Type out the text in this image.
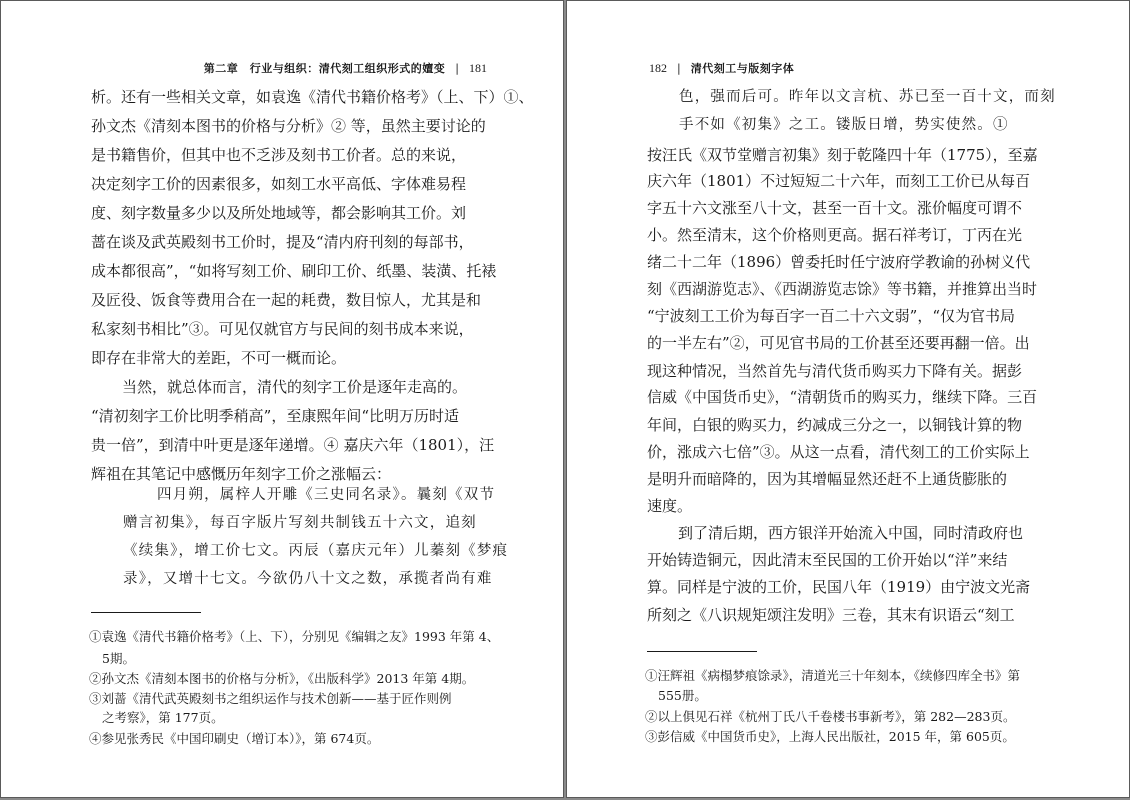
第二章　行业与组织：清代刻工组织形式的嬗变 | 181
析。还有一些相关文章，如袁逸《清代书籍价格考》（上、下）①、
孙文杰《清刻本图书的价格与分析》② 等，虽然主要讨论的
是书籍售价，但其中也不乏涉及刻书工价者。总的来说，
决定刻字工价的因素很多，如刻工水平高低、字体难易程
度、刻字数量多少以及所处地域等，都会影响其工价。刘
蔷在谈及武英殿刻书工价时，提及“清内府刊刻的每部书，
成本都很高”，“如将写刻工价、刷印工价、纸墨、装潢、托裱
及匠役、饭食等费用合在一起的耗费，数目惊人，尤其是和
私家刻书相比”③。可见仅就官方与民间的刻书成本来说，
即存在非常大的差距，不可一概而论。
当然，就总体而言，清代的刻字工价是逐年走高的。
“清初刻字工价比明季稍高”，至康熙年间“比明万历时适
贵一倍”，到清中叶更是逐年递增。④ 嘉庆六年（1801），汪
辉祖在其笔记中感慨历年刻字工价之涨幅云：
四月朔，属梓人开雕《三史同名录》。曩刻《双节
赠言初集》，每百字版片写刻共制钱五十六文，追刻
《续集》，增工价七文。丙辰（嘉庆元年）儿蓁刻《梦痕
录》，又增十七文。今欲仍八十文之数，承揽者尚有难
①袁逸《清代书籍价格考》（上、下），分别见《编辑之友》1993 年第 4、
5期。
②孙文杰《清刻本图书的价格与分析》，《出版科学》2013 年第 4期。
③刘蔷《清代武英殿刻书之组织运作与技术创新——基于匠作则例
之考察》，第 177页。
④参见张秀民《中国印刷史（增订本）》，第 674页。
182 | 清代刻工与版刻字体
色，强而后可。昨年以文言杭、苏已至一百十文，而刻
手不如《初集》之工。镂版日增，势实使然。①
按汪氏《双节堂赠言初集》刻于乾隆四十年（1775），至嘉
庆六年（1801）不过短短二十六年，而刻工工价已从每百
字五十六文涨至八十文，甚至一百十文。涨价幅度可谓不
小。然至清末，这个价格则更高。据石祥考订，丁丙在光
绪二十二年（1896）曾委托时任宁波府学教谕的孙树义代
刻《西湖游览志》、《西湖游览志馀》等书籍，并推算出当时
“宁波刻工工价为每百字一百二十六文弱”，“仅为官书局
的一半左右”②，可见官书局的工价甚至还要再翻一倍。出
现这种情况，当然首先与清代货币购买力下降有关。据彭
信威《中国货币史》，“清朝货币的购买力，继续下降。三百
年间，白银的购买力，约减成三分之一，以铜钱计算的物
价，涨成六七倍”③。从这一点看，清代刻工的工价实际上
是明升而暗降的，因为其增幅显然还赶不上通货膨胀的
速度。
到了清后期，西方银洋开始流入中国，同时清政府也
开始铸造铜元，因此清末至民国的工价开始以“洋”来结
算。同样是宁波的工价，民国八年（1919）由宁波文光斋
所刻之《八识规矩颂注发明》三卷，其末有识语云“刻工
①汪辉祖《病榻梦痕馀录》，清道光三十年刻本，《续修四库全书》第
555册。
②以上俱见石祥《杭州丁氏八千卷楼书事新考》，第 282—283页。
③彭信威《中国货币史》，上海人民出版社，2015 年，第 605页。
